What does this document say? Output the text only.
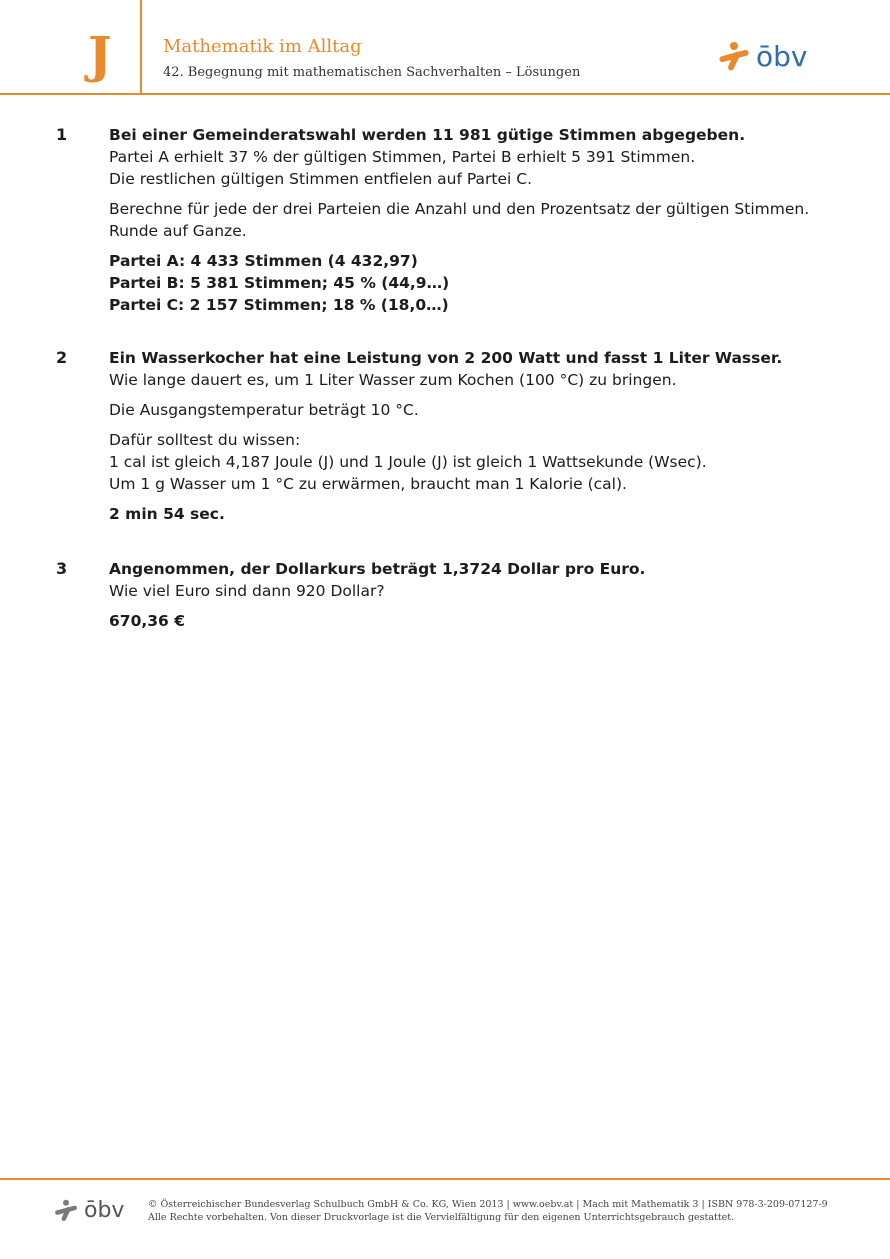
J	Mathematik im Alltag
42. Begegnung mit mathematischen Sachverhalten – Lösungen	ōbv
1	Bei einer Gemeinderatswahl werden 11 981 gütige Stimmen abgegeben.

Partei A erhielt 37 % der gültigen Stimmen, Partei B erhielt 5 391 Stimmen.

Die restlichen gültigen Stimmen entfielen auf Partei C.

Berechne für jede der drei Parteien die Anzahl und den Prozentsatz der gültigen Stimmen.

Runde auf Ganze.

Partei A: 4 433 Stimmen (4 432,97)

Partei B: 5 381 Stimmen; 45 % (44,9…)

Partei C: 2 157 Stimmen; 18 % (18,0…)

2	Ein Wasserkocher hat eine Leistung von 2 200 Watt und fasst 1 Liter Wasser.

Wie lange dauert es, um 1 Liter Wasser zum Kochen (100 °C) zu bringen.

Die Ausgangstemperatur beträgt 10 °C.

Dafür solltest du wissen:

1 cal ist gleich 4,187 Joule (J) und 1 Joule (J) ist gleich 1 Wattsekunde (Wsec).

Um 1 g Wasser um 1 °C zu erwärmen, braucht man 1 Kalorie (cal).

2 min 54 sec.

3	Angenommen, der Dollarkurs beträgt 1,3724 Dollar pro Euro.

Wie viel Euro sind dann 920 Dollar?

670,36 €

ōbv © Österreichischer Bundesverlag Schulbuch GmbH & Co. KG, Wien 2013 | www.oebv.at | Mach mit Mathematik 3 | ISBN 978-3-209-07127-9
Alle Rechte vorbehalten. Von dieser Druckvorlage ist die Vervielfältigung für den eigenen Unterrichtsgebrauch gestattet.
